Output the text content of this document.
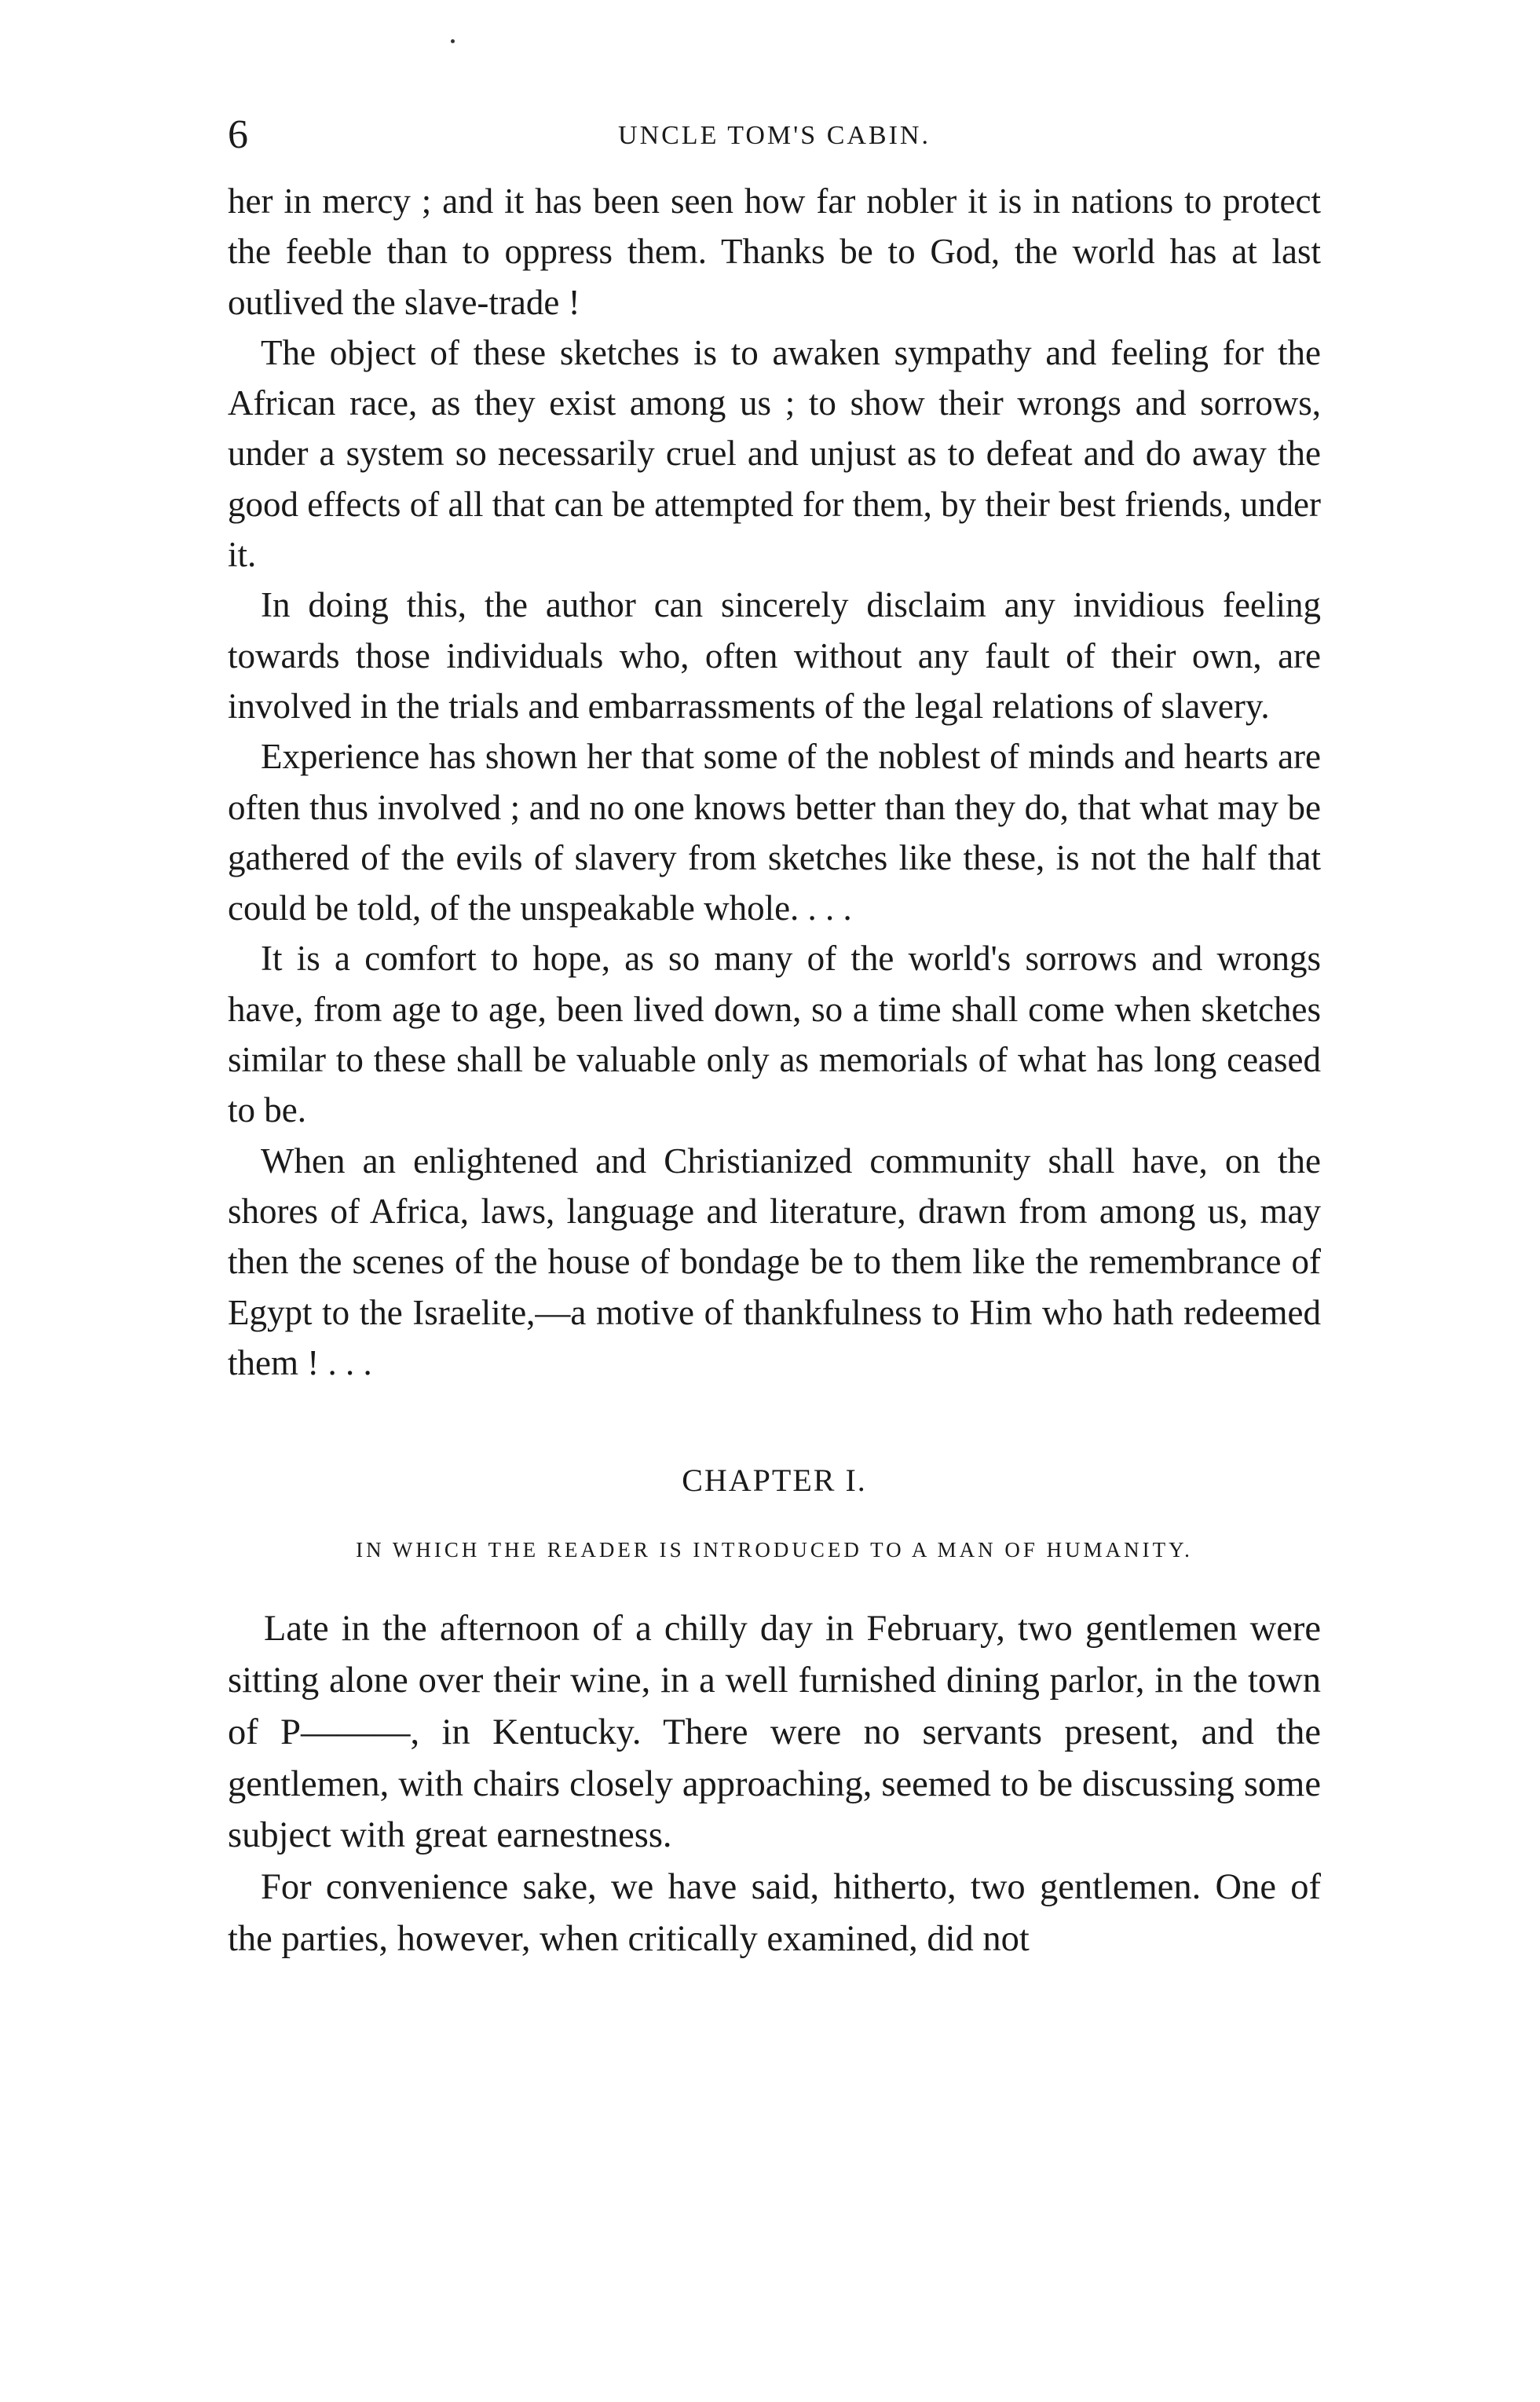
6	UNCLE TOM'S CABIN.

her in mercy ; and it has been seen how far nobler it is in nations to protect the feeble than to oppress them. Thanks be to God, the world has at last outlived the slave-trade !

The object of these sketches is to awaken sympathy and feeling for the African race, as they exist among us ; to show their wrongs and sorrows, under a system so necessarily cruel and unjust as to defeat and do away the good effects of all that can be attempted for them, by their best friends, under it.

In doing this, the author can sincerely disclaim any invidious feeling towards those individuals who, often without any fault of their own, are involved in the trials and embarrassments of the legal relations of slavery.

Experience has shown her that some of the noblest of minds and hearts are often thus involved ; and no one knows better than they do, that what may be gathered of the evils of slavery from sketches like these, is not the half that could be told, of the unspeakable whole. . . .

It is a comfort to hope, as so many of the world's sorrows and wrongs have, from age to age, been lived down, so a time shall come when sketches similar to these shall be valuable only as memorials of what has long ceased to be.

When an enlightened and Christianized community shall have, on the shores of Africa, laws, language and literature, drawn from among us, may then the scenes of the house of bondage be to them like the remembrance of Egypt to the Israelite,—a motive of thankfulness to Him who hath redeemed them ! . . .

CHAPTER I.
IN WHICH THE READER IS INTRODUCED TO A MAN OF HUMANITY.

Late in the afternoon of a chilly day in February, two gentlemen were sitting alone over their wine, in a well furnished dining parlor, in the town of P———, in Kentucky. There were no servants present, and the gentlemen, with chairs closely approaching, seemed to be discussing some subject with great earnestness.

For convenience sake, we have said, hitherto, two gentlemen. One of the parties, however, when critically examined, did not
